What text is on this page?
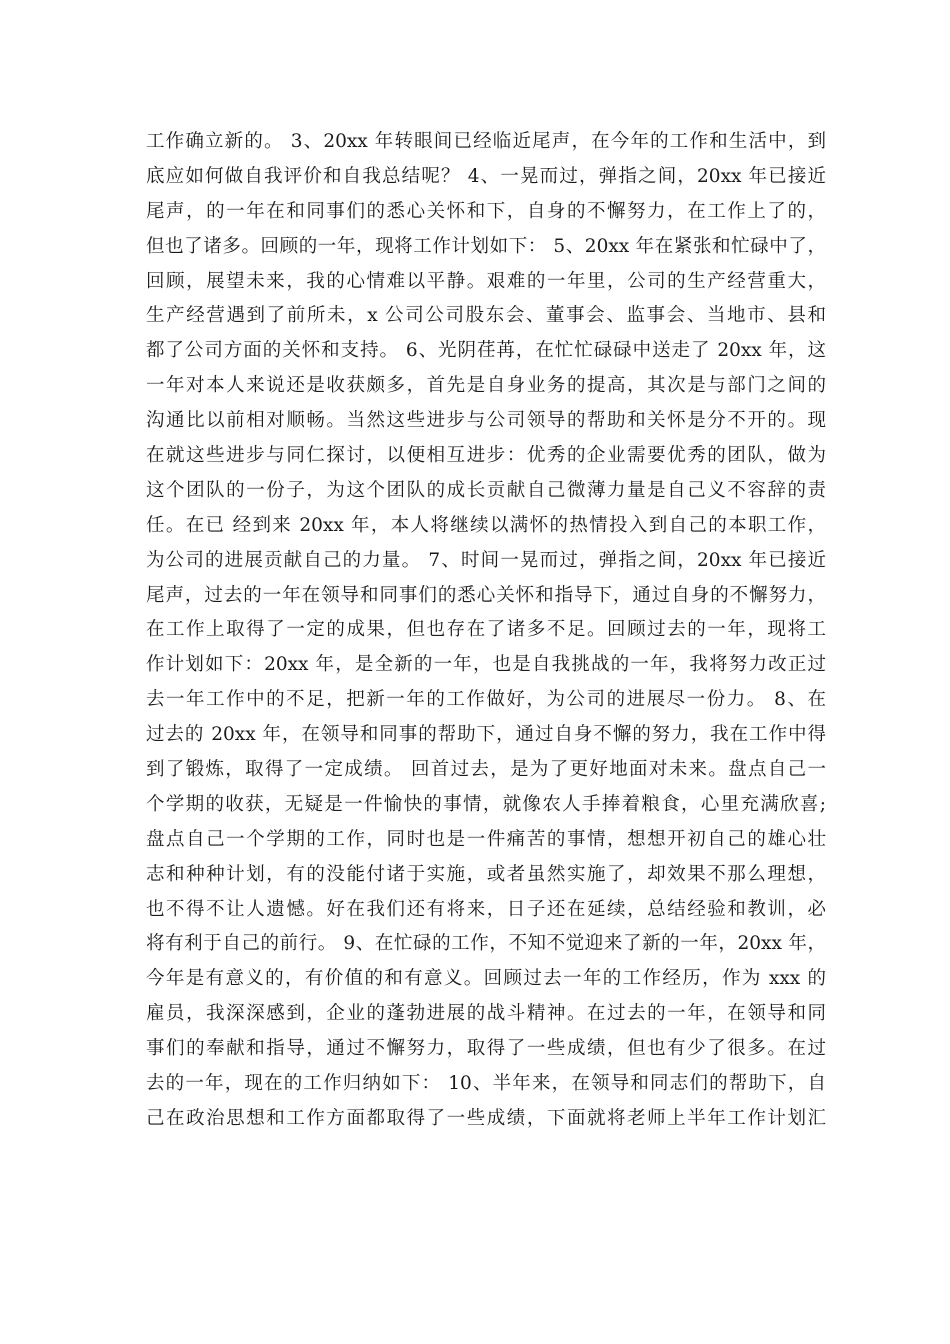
工作确立新的。 3、20xx 年转眼间已经临近尾声，在今年的工作和生活中，到
底应如何做自我评价和自我总结呢？ 4、一晃而过，弹指之间，20xx 年已接近
尾声，的一年在和同事们的悉心关怀和下，自身的不懈努力，在工作上了的，
但也了诸多。回顾的一年，现将工作计划如下： 5、20xx 年在紧张和忙碌中了，
回顾，展望未来，我的心情难以平静。艰难的一年里，公司的生产经营重大，
生产经营遇到了前所未，x 公司公司股东会、董事会、监事会、当地市、县和
都了公司方面的关怀和支持。 6、光阴荏苒，在忙忙碌碌中送走了 20xx 年，这
一年对本人来说还是收获颇多，首先是自身业务的提高，其次是与部门之间的
沟通比以前相对顺畅。当然这些进步与公司领导的帮助和关怀是分不开的。现
在就这些进步与同仁探讨，以便相互进步：优秀的企业需要优秀的团队，做为
这个团队的一份子，为这个团队的成长贡献自己微薄力量是自己义不容辞的责
任。在已 经到来 20xx 年，本人将继续以满怀的热情投入到自己的本职工作，
为公司的进展贡献自己的力量。 7、时间一晃而过，弹指之间，20xx 年已接近
尾声，过去的一年在领导和同事们的悉心关怀和指导下，通过自身的不懈努力，
在工作上取得了一定的成果，但也存在了诸多不足。回顾过去的一年，现将工
作计划如下：20xx 年，是全新的一年，也是自我挑战的一年，我将努力改正过
去一年工作中的不足，把新一年的工作做好，为公司的进展尽一份力。 8、在
过去的 20xx 年，在领导和同事的帮助下，通过自身不懈的努力，我在工作中得
到了锻炼，取得了一定成绩。 回首过去，是为了更好地面对未来。盘点自己一
个学期的收获，无疑是一件愉快的事情，就像农人手捧着粮食，心里充满欣喜;
盘点自己一个学期的工作，同时也是一件痛苦的事情，想想开初自己的雄心壮
志和种种计划，有的没能付诸于实施，或者虽然实施了，却效果不那么理想，
也不得不让人遗憾。好在我们还有将来，日子还在延续，总结经验和教训，必
将有利于自己的前行。 9、在忙碌的工作，不知不觉迎来了新的一年，20xx 年，
今年是有意义的，有价值的和有意义。回顾过去一年的工作经历，作为 xxx 的
雇员，我深深感到，企业的蓬勃进展的战斗精神。在过去的一年，在领导和同
事们的奉献和指导，通过不懈努力，取得了一些成绩，但也有少了很多。在过
去的一年，现在的工作归纳如下： 10、半年来，在领导和同志们的帮助下，自
己在政治思想和工作方面都取得了一些成绩，下面就将老师上半年工作计划汇
